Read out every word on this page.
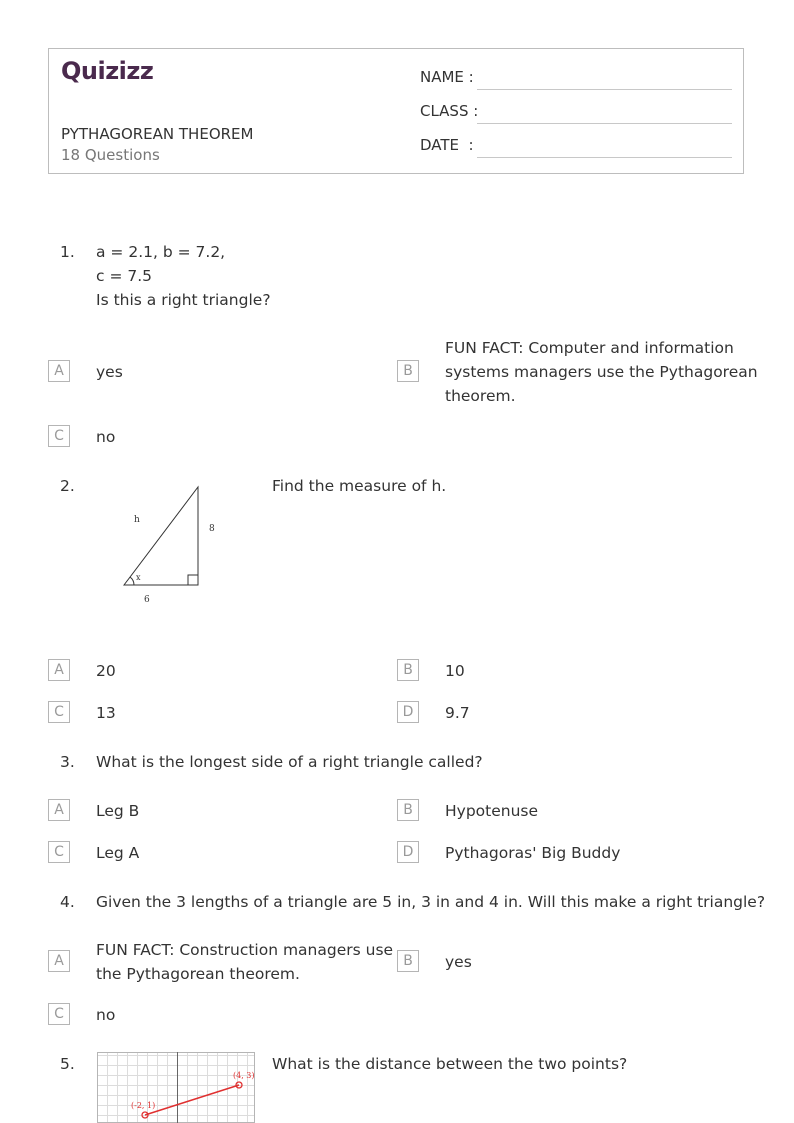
Quizizz
PYTHAGOREAN THEOREM
18 Questions
NAME :
CLASS :
DATE  :
1. a = 2.1, b = 7.2,
c = 7.5
Is this a right triangle?
A	yes	B
FUN FACT: Computer and information
systems managers use the Pythagorean
theorem.
C	no
2.
h
8
6
x
Find the measure of h.
A	20	B	10
C	13	D	9.7
3. What is the longest side of a right triangle called?
A	Leg B	B	Hypotenuse
C	Leg A	D	Pythagoras' Big Buddy
4. Given the 3 lengths of a triangle are 5 in, 3 in and 4 in. Will this make a right triangle?
A
FUN FACT: Construction managers use
the Pythagorean theorem.
B	yes
C	no
5.
(-2, 1)
(4, 3)
What is the distance between the two points?
